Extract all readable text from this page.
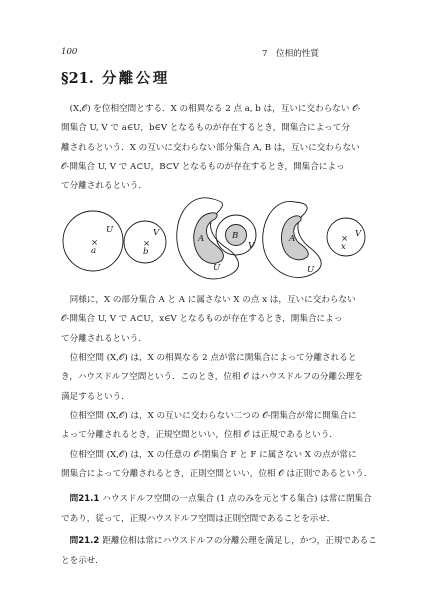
100	7　位相的性質
§21. 分離公理

(X,𝒪) を位相空間とする．X の相異なる 2 点 a, b は，互いに交わらない 𝒪-
開集合 U, V で a∈U，b∈V となるものが存在するとき，開集合によって分
離されるという．X の互いに交わらない部分集合 A, B は，互いに交わらない
𝒪-開集合 U, V で A⊂U，B⊂V となるものが存在するとき，開集合によっ
て分離されるという．

U
×
a
V
×
b
A	B
U
V
A
U
V
×
x

同様に，X の部分集合 A と A に属さない X の点 x は，互いに交わらない
𝒪-開集合 U, V で A⊂U，x∈V となるものが存在するとき，開集合によっ
て分離されるという．

位相空間 (X,𝒪) は，X の相異なる 2 点が常に開集合によって分離されると
き，ハウスドルフ空間という．このとき，位相 𝒪 はハウスドルフの分離公理を
満足するという．

位相空間 (X,𝒪) は，X の互いに交わらない二つの 𝒪-閉集合が常に開集合に
よって分離されるとき，正規空間といい，位相 𝒪 は正規であるという．

位相空間 (X,𝒪) は，X の任意の 𝒪-閉集合 F と F に属さない X の点が常に
開集合によって分離されるとき，正則空間といい，位相 𝒪 は正則であるという．

問21.1 ハウスドルフ空間の一点集合 (1 点のみを元とする集合) は常に閉集合
であり，従って，正規ハウスドルフ空間は正則空間であることを示せ．

問21.2 距離位相は常にハウスドルフの分離公理を満足し，かつ，正規であるこ
とを示せ．
